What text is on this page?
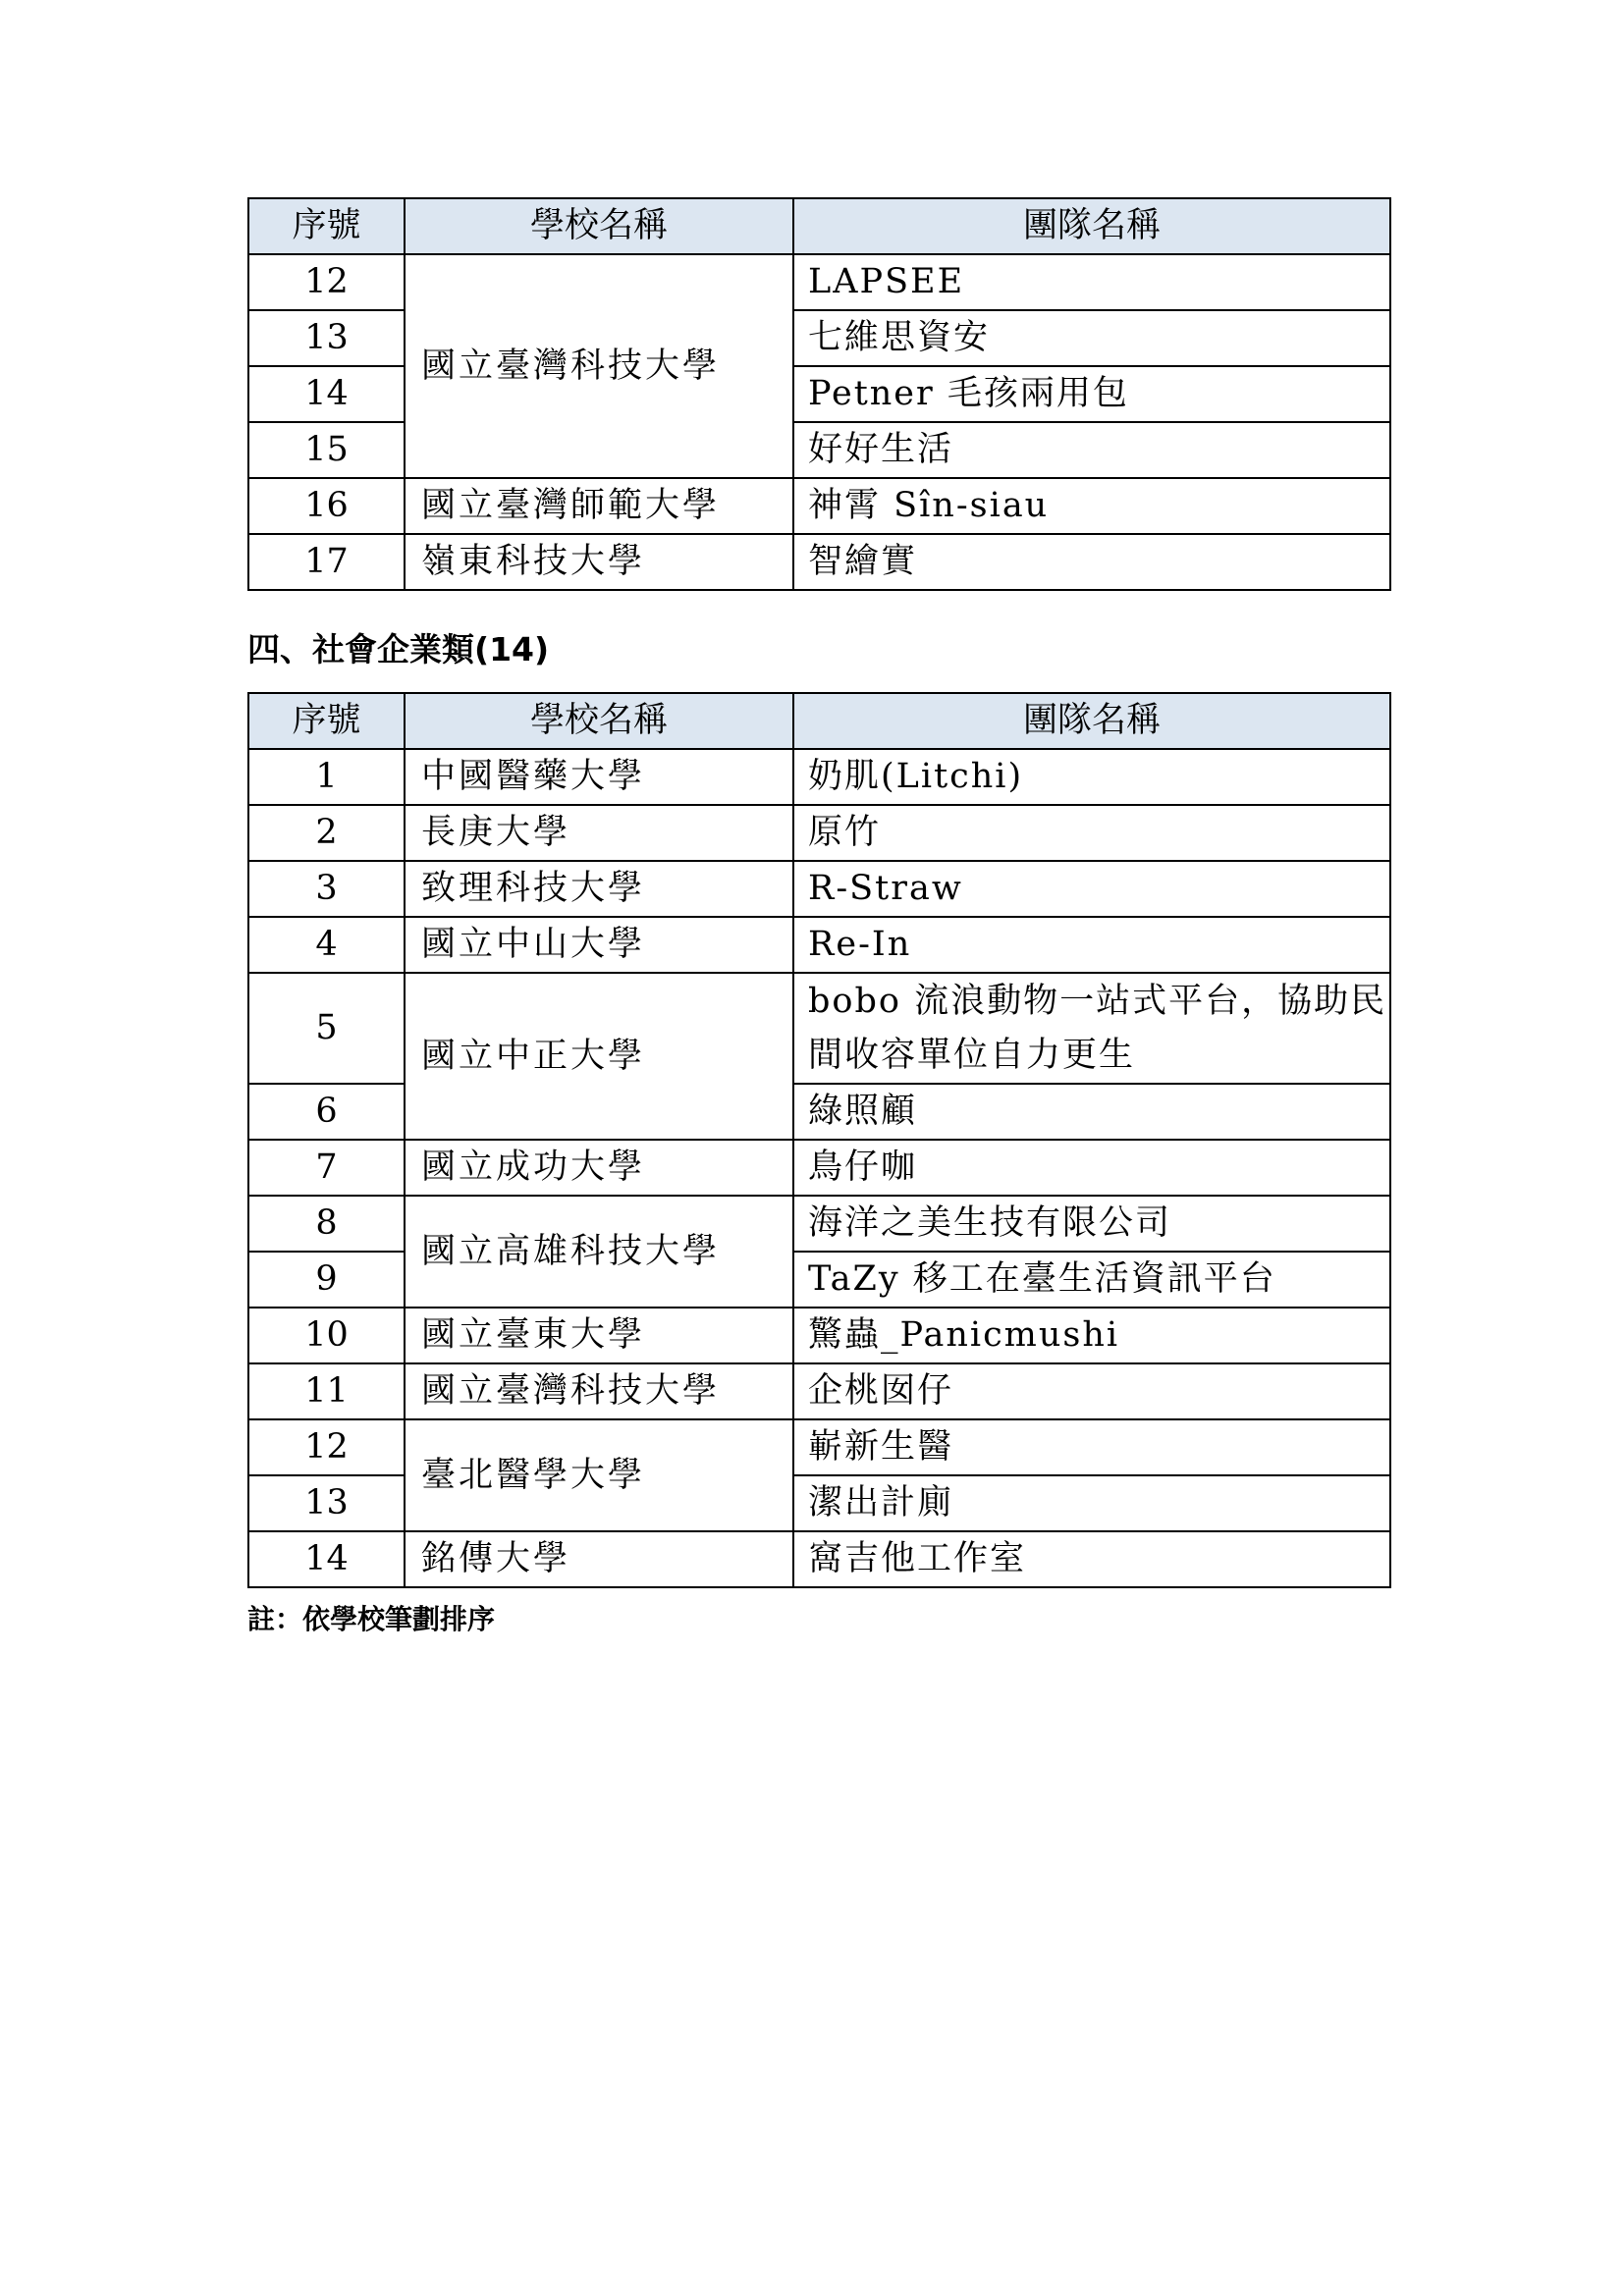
序號	學校名稱	團隊名稱
12	國立臺灣科技大學	LAPSEE
13		七維思資安
14		Petner 毛孩兩用包
15		好好生活
16	國立臺灣師範大學	神霄 Sîn-siau
17	嶺東科技大學	智繪實
四、社會企業類(14)
序號	學校名稱	團隊名稱
1	中國醫藥大學	奶肌(Litchi)
2	長庚大學	原竹
3	致理科技大學	R-Straw
4	國立中山大學	Re-In
5	國立中正大學	bobo 流浪動物一站式平台，協助民間收容單位自力更生
6		綠照顧
7	國立成功大學	鳥仔咖
8	國立高雄科技大學	海洋之美生技有限公司
9		TaZy 移工在臺生活資訊平台
10	國立臺東大學	驚蟲_Panicmushi
11	國立臺灣科技大學	企桃囡仔
12	臺北醫學大學	嶄新生醫
13		潔出計廁
14	銘傳大學	窩吉他工作室
註：依學校筆劃排序
